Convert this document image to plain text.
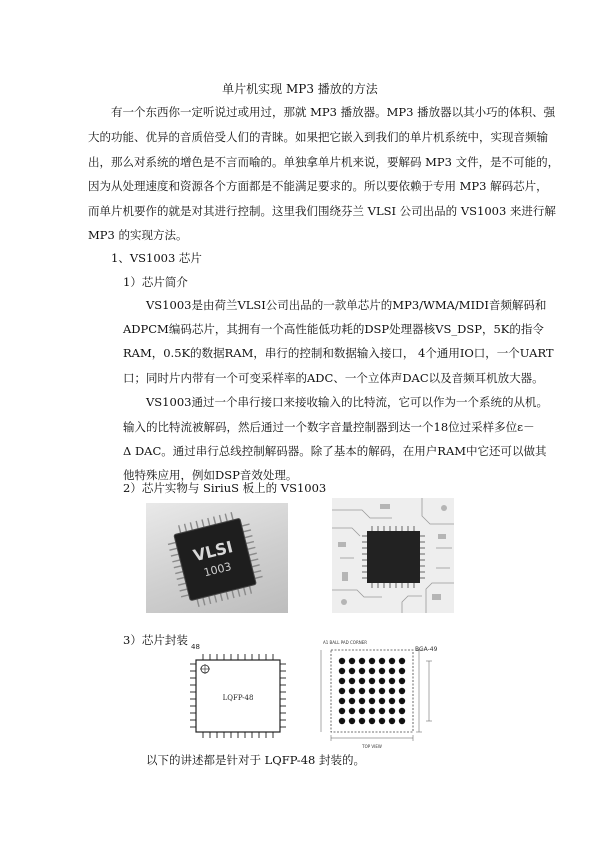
单片机实现 MP3 播放的方法
有一个东西你一定听说过或用过，那就 MP3 播放器。MP3 播放器以其小巧的体积、强
大的功能、优异的音质倍受人们的青睐。如果把它嵌入到我们的单片机系统中，实现音频输
出，那么对系统的增色是不言而喻的。单独拿单片机来说，要解码 MP3 文件，是不可能的，
因为从处理速度和资源各个方面都是不能满足要求的。所以要依赖于专用 MP3 解码芯片，
而单片机要作的就是对其进行控制。这里我们围绕芬兰 VLSI 公司出品的 VS1003 来进行解
MP3 的实现方法。
1、VS1003 芯片
1）芯片简介
VS1003是由荷兰VLSI公司出品的一款单芯片的MP3/WMA/MIDI音频解码和
ADPCM编码芯片，其拥有一个高性能低功耗的DSP处理器核VS_DSP，5K的指令
RAM，0.5K的数据RAM，串行的控制和数据输入接口， 4个通用IO口，一个UART
口；同时片内带有一个可变采样率的ADC、一个立体声DAC以及音频耳机放大器。
VS1003通过一个串行接口来接收输入的比特流，它可以作为一个系统的从机。
输入的比特流被解码，然后通过一个数字音量控制器到达一个18位过采样多位ε－
Δ DAC。通过串行总线控制解码器。除了基本的解码，在用户RAM中它还可以做其
他特殊应用，例如DSP音效处理。
2）芯片实物与 SiriuS 板上的 VS1003
VLSI
1003
3）芯片封装 48
LQFP-48
A1 BALL PAD CORNER
BGA-49
TOP VIEW
以下的讲述都是针对于 LQFP-48 封装的。
